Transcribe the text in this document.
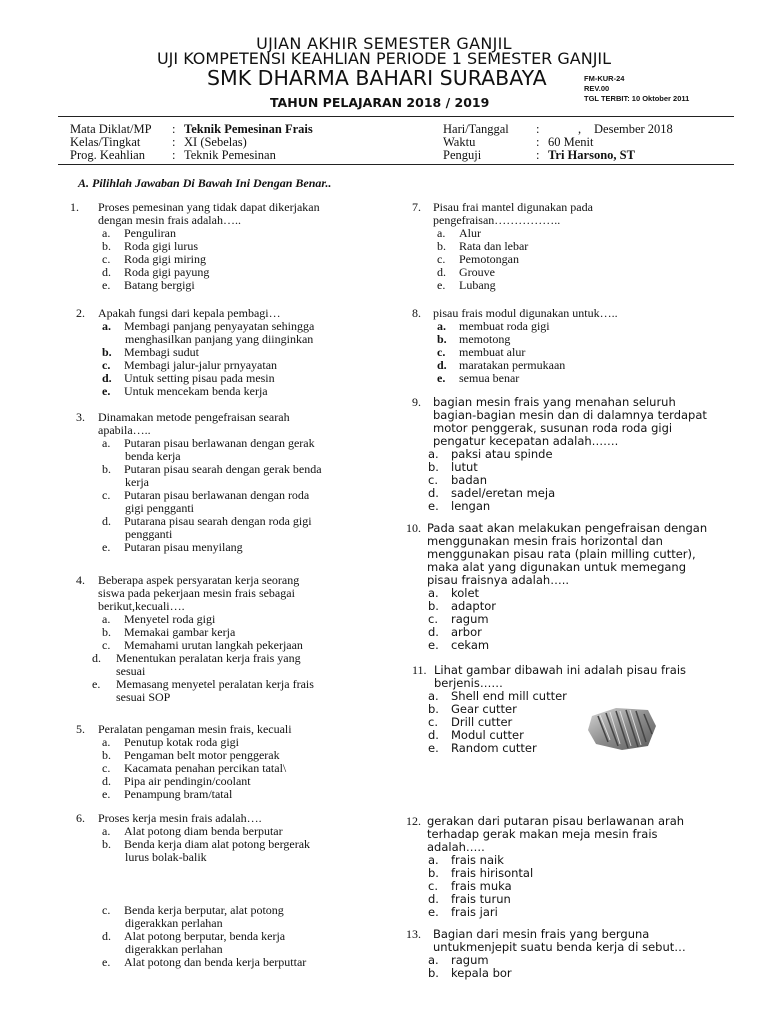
UJIAN AKHIR SEMESTER GANJIL
UJI KOMPETENSI KEAHLIAN PERIODE 1 SEMESTER GANJIL
SMK DHARMA BAHARI SURABAYA
TAHUN PELAJARAN 2018 / 2019
FM-KUR-24
REV.00
TGL TERBIT: 10 Oktober 2011
Mata Diklat/MP : Teknik Pemesinan Frais
Kelas/Tingkat	: XI (Sebelas)
Prog. Keahlian : Teknik Pemesinan
Hari/Tanggal :	, Desember 2018
Waktu	: 60 Menit
Penguji	: Tri Harsono, ST
A. Pilihlah Jawaban Di Bawah Ini Dengan Benar..
1. Proses pemesinan yang tidak dapat dikerjakan
dengan mesin frais adalah…..
a. Penguliran
b. Roda gigi lurus
c. Roda gigi miring
d. Roda gigi payung
e. Batang bergigi
2. Apakah fungsi dari kepala pembagi…
a. Membagi panjang penyayatan sehingga
menghasilkan panjang yang diinginkan
b. Membagi sudut
c. Membagi jalur-jalur prnyayatan
d. Untuk setting pisau pada mesin
e. Untuk mencekam benda kerja
3. Dinamakan metode pengefraisan searah
apabila…..
a. Putaran pisau berlawanan dengan gerak
benda kerja
b. Putaran pisau searah dengan gerak benda
kerja
c. Putaran pisau berlawanan dengan roda
gigi pengganti
d. Putarana pisau searah dengan roda gigi
pengganti
e. Putaran pisau menyilang
4. Beberapa aspek persyaratan kerja seorang
siswa pada pekerjaan mesin frais sebagai
berikut,kecuali….
a. Menyetel roda gigi
b. Memakai gambar kerja
c. Memahami urutan langkah pekerjaan
d. Menentukan peralatan kerja frais yang
sesuai
e. Memasang menyetel peralatan kerja frais
sesuai SOP
5. Peralatan pengaman mesin frais, kecuali
a. Penutup kotak roda gigi
b. Pengaman belt motor penggerak
c. Kacamata penahan percikan tatal\
d. Pipa air pendingin/coolant
e. Penampung bram/tatal
6. Proses kerja mesin frais adalah….
a. Alat potong diam benda berputar
b. Benda kerja diam alat potong bergerak
lurus bolak-balik
c. Benda kerja berputar, alat potong
digerakkan perlahan
d. Alat potong berputar, benda kerja
digerakkan perlahan
e. Alat potong dan benda kerja berputtar
7. Pisau frai mantel digunakan pada
pengefraisan……………..
a. Alur
b. Rata dan lebar
c. Pemotongan
d. Grouve
e. Lubang
8. pisau frais modul digunakan untuk…..
a. membuat roda gigi
b. memotong
c. membuat alur
d. maratakan permukaan
e. semua benar
9. bagian mesin frais yang menahan seluruh
bagian-bagian mesin dan di dalamnya terdapat
motor penggerak, susunan roda roda gigi
pengatur kecepatan adalah…….
a. paksi atau spinde
b. lutut
c. badan
d. sadel/eretan meja
e. lengan
10. Pada saat akan melakukan pengefraisan dengan
menggunakan mesin frais horizontal dan
menggunakan pisau rata (plain milling cutter),
maka alat yang digunakan untuk memegang
pisau fraisnya adalah…..
a. kolet
b. adaptor
c. ragum
d. arbor
e. cekam
11. Lihat gambar dibawah ini adalah pisau frais
berjenis……
a. Shell end mill cutter
b. Gear cutter
c. Drill cutter
d. Modul cutter
e. Random cutter
12. gerakan dari putaran pisau berlawanan arah
terhadap gerak makan meja mesin frais
adalah…..
a. frais naik
b. frais hirisontal
c. frais muka
d. frais turun
e. frais jari
13. Bagian dari mesin frais yang berguna
untukmenjepit suatu benda kerja di sebut…
a. ragum
b. kepala bor
